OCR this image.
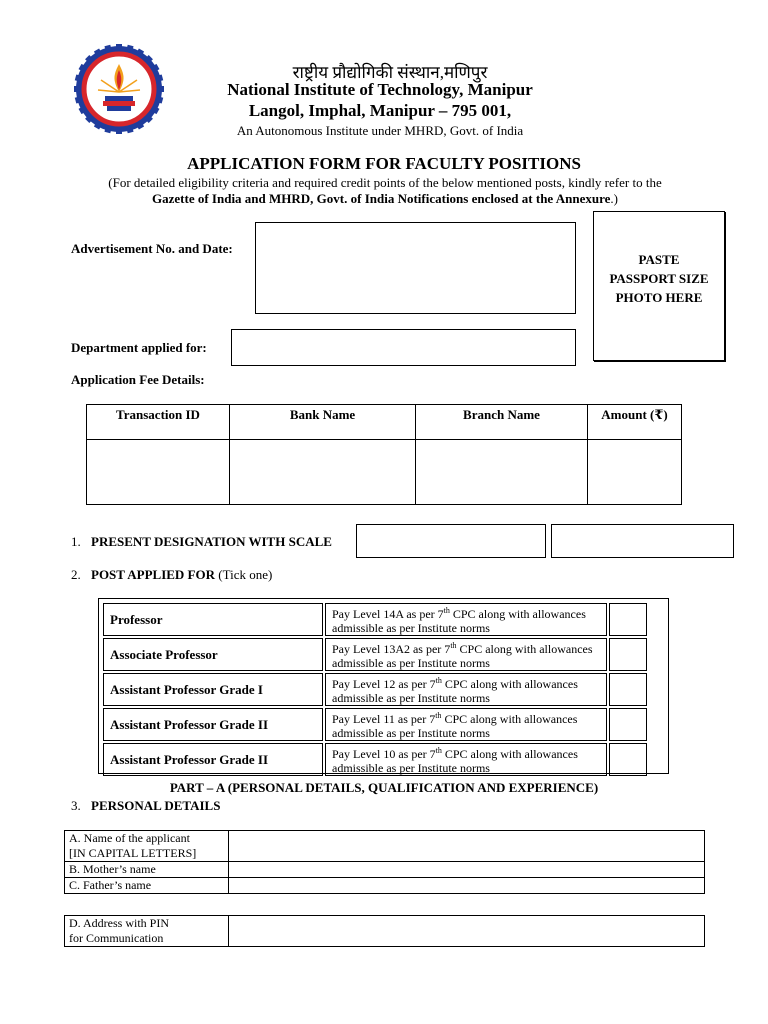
राष्ट्रीय प्रौद्योगिकी संस्थान,मणिपुर
National Institute of Technology, Manipur
Langol, Imphal, Manipur – 795 001,
An Autonomous Institute under MHRD, Govt. of India
APPLICATION FORM FOR FACULTY POSITIONS
(For detailed eligibility criteria and required credit points of the below mentioned posts, kindly refer to the
Gazette of India and MHRD, Govt. of India Notifications enclosed at the Annexure.)
PASTE
PASSPORT SIZE
PHOTO HERE
Advertisement No. and Date:
Department applied for:
Application Fee Details:
Transaction ID	Bank Name	Branch Name	Amount (₹)

1. PRESENT DESIGNATION WITH SCALE
2. POST APPLIED FOR (Tick one)
Professor	Pay Level 14A as per 7th CPC along with allowances
admissible as per Institute norms	
Associate Professor	Pay Level 13A2 as per 7th CPC along with allowances
admissible as per Institute norms	
Assistant Professor Grade I	Pay Level 12 as per 7th CPC along with allowances
admissible as per Institute norms	
Assistant Professor Grade II	Pay Level 11 as per 7th CPC along with allowances
admissible as per Institute norms	
Assistant Professor Grade II	Pay Level 10 as per 7th CPC along with allowances
admissible as per Institute norms	
PART – A (PERSONAL DETAILS, QUALIFICATION AND EXPERIENCE)
3. PERSONAL DETAILS
A. Name of the applicant
[IN CAPITAL LETTERS]	
B. Mother’s name	
C. Father’s name	
D. Address with PIN
for Communication	
